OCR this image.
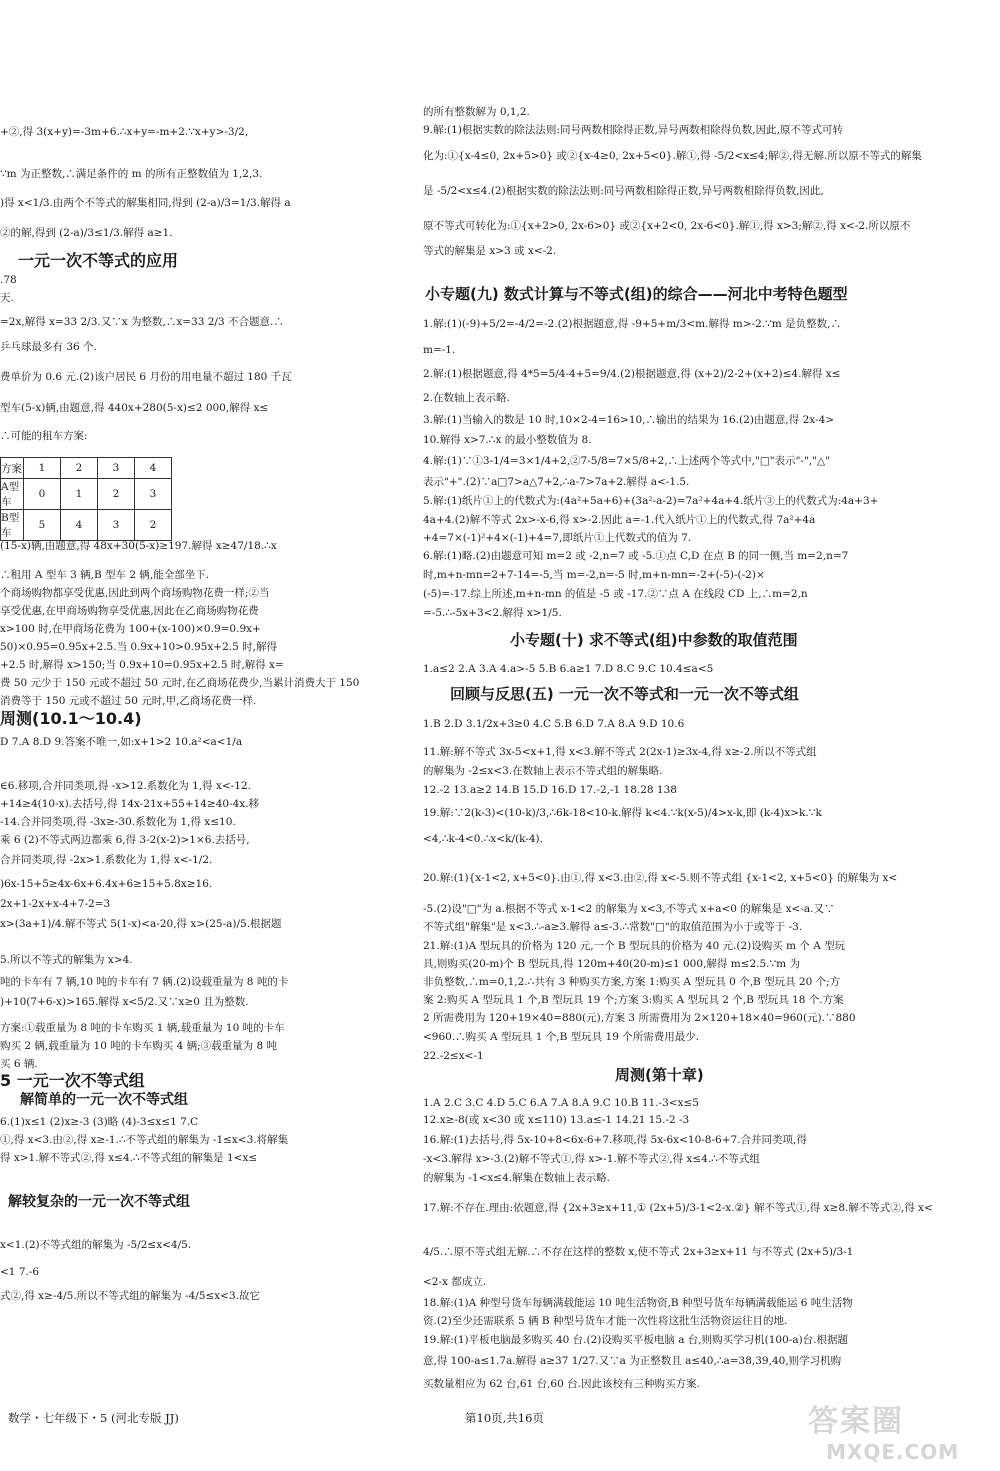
+②,得 3(x+y)=-3m+6.∴x+y=-m+2.∵x+y>-3/2,
∵m 为正整数,∴满足条件的 m 的所有正整数值为 1,2,3.
)得 x<1/3.由两个不等式的解集相同,得到 (2-a)/3=1/3.解得 a
②的解,得到 (2-a)/3≤1/3.解得 a≥1.
.78
天.
=2x,解得 x=33 2/3.又∵x 为整数,∴x=33 2/3 不合题意.∴
乒乓球最多有 36 个.
费单价为 0.6 元.(2)该户居民 6 月份的用电量不超过 180 千瓦
型车(5-x)辆,由题意,得 440x+280(5-x)≤2 000,解得 x≤
∴可能的租车方案:
(15-x)辆,由题意,得 48x+30(5-x)≥197.解得 x≥47/18.∴x
∴租用 A 型车 3 辆,B 型车 2 辆,能全部坐下.
个商场购物都享受优惠,因此到两个商场购物花费一样;②当
享受优惠,在甲商场购物享受优惠,因此在乙商场购物花费
x>100 时,在甲商场花费为 100+(x-100)×0.9=0.9x+
50)×0.95=0.95x+2.5.当 0.9x+10>0.95x+2.5 时,解得
+2.5 时,解得 x>150;当 0.9x+10=0.95x+2.5 时,解得 x=
费 50 元少于 150 元或不超过 50 元时,在乙商场花费少,当累计消费大于 150
消费等于 150 元或不超过 50 元时,甲,乙商场花费一样.
D 7.A 8.D 9.答案不唯一,如:x+1>2 10.a²<a<1/a
∈6.移项,合并同类项,得 -x>12.系数化为 1,得 x<-12.
+14≥4(10-x).去括号,得 14x-21x+55+14≥40-4x.移
-14.合并同类项,得 -3x≥-30.系数化为 1,得 x≤10.
乘 6 (2)不等式两边都乘 6,得 3-2(x-2)>1×6.去括号,
合并同类项,得 -2x>1.系数化为 1,得 x<-1/2.
)6x-15+5≥4x-6x+6.4x+6≥15+5.8x≥16.
2x+1-2x+x-4+7-2=3
x>(3a+1)/4.解不等式 5(1-x)<a-20,得 x>(25-a)/5.根据题
5.所以不等式的解集为 x>4.
吨的卡车有 7 辆,10 吨的卡车有 7 辆.(2)设载重量为 8 吨的卡
)+10(7+6-x)>165.解得 x<5/2.又∵x≥0 且为整数.
方案:①载重量为 8 吨的卡车购买 1 辆,载重量为 10 吨的卡车
购买 2 辆,载重量为 10 吨的卡车购买 4 辆;③载重量为 8 吨
买 6 辆.
6.(1)x≤1 (2)x≥-3 (3)略 (4)-3≤x≤1 7.C
①,得 x<3.由②,得 x≥-1.∴不等式组的解集为 -1≤x<3.将解集
得 x>1.解不等式②,得 x≤4.∴不等式组的解集是 1<x≤
x<1.(2)不等式组的解集为 -5/2≤x<4/5.
<1 7.-6
式②,得 x≥-4/5.所以不等式组的解集为 -4/5≤x<3.故它
一元一次不等式的应用
周测(10.1～10.4)
5 一元一次不等式组
解简单的一元一次不等式组
解较复杂的一元一次不等式组
方案	1	2	3	4
A型车	0	1	2	3
B型车	5	4	3	2
的所有整数解为 0,1,2.
9.解:(1)根据实数的除法法则:同号两数相除得正数,异号两数相除得负数,因此,原不等式可转
化为:①{x-4≤0, 2x+5>0} 或②{x-4≥0, 2x+5<0}.解①,得 -5/2<x≤4;解②,得无解.所以原不等式的解集
是 -5/2<x≤4.(2)根据实数的除法法则:同号两数相除得正数,异号两数相除得负数,因此,
原不等式可转化为:①{x+2>0, 2x-6>0} 或②{x+2<0, 2x-6<0}.解①,得 x>3;解②,得 x<-2.所以原不
等式的解集是 x>3 或 x<-2.
1.解:(1)(-9)+5/2=-4/2=-2.(2)根据题意,得 -9+5+m/3<m.解得 m>-2.∵m 是负整数,∴
m=-1.
2.解:(1)根据题意,得 4*5=5/4-4+5=9/4.(2)根据题意,得 (x+2)/2-2+(x+2)≤4.解得 x≤
2.在数轴上表示略.
3.解:(1)当输入的数是 10 时,10×2-4=16>10,∴输出的结果为 16.(2)由题意,得 2x-4>
10.解得 x>7.∴x 的最小整数值为 8.
4.解:(1)∵①3-1/4=3×1/4+2,②7-5/8=7×5/8+2,∴上述两个等式中,"□"表示"-","△"
表示"+".(2)∵a□7>a△7+2,∴a-7>7a+2.解得 a<-1.5.
5.解:(1)纸片①上的代数式为:(4a²+5a+6)+(3a²-a-2)=7a²+4a+4.纸片③上的代数式为:4a+3+
4a+4.(2)解不等式 2x>-x-6,得 x>-2.因此 a=-1.代入纸片①上的代数式,得 7a²+4a
+4=7×(-1)²+4×(-1)+4=7,即纸片①上代数式的值为 7.
6.解:(1)略.(2)由题意可知 m=2 或 -2,n=7 或 -5.①点 C,D 在点 B 的同一侧,当 m=2,n=7
时,m+n-mn=2+7-14=-5,当 m=-2,n=-5 时,m+n-mn=-2+(-5)-(-2)×
(-5)=-17.综上所述,m+n-mn 的值是 -5 或 -17.②∵点 A 在线段 CD 上,∴m=2,n
=-5.∴-5x+3<2.解得 x>1/5.
1.a≤2 2.A 3.A 4.a>-5 5.B 6.a≥1 7.D 8.C 9.C 10.4≤a<5
1.B 2.D 3.1/2x+3≥0 4.C 5.B 6.D 7.A 8.A 9.D 10.6
11.解:解不等式 3x-5<x+1,得 x<3.解不等式 2(2x-1)≥3x-4,得 x≥-2.所以不等式组
的解集为 -2≤x<3.在数轴上表示不等式组的解集略.
12.-2 13.a≥2 14.B 15.D 16.D 17.-2,-1 18.28 138
19.解:∵2(k-3)<(10-k)/3,∴6k-18<10-k.解得 k<4.∵k(x-5)/4>x-k,即 (k-4)x>k.∵k
<4,∴k-4<0.∴x<k/(k-4).
20.解:(1){x-1<2, x+5<0}.由①,得 x<3.由②,得 x<-5.则不等式组 {x-1<2, x+5<0} 的解集为 x<
-5.(2)设"□"为 a.根据不等式 x-1<2 的解集为 x<3,不等式 x+a<0 的解集是 x<-a.又∵
不等式组"解集"是 x<3.∴-a≥3.解得 a≤-3.∴常数"□"的取值范围为小于或等于 -3.
21.解:(1)A 型玩具的价格为 120 元,一个 B 型玩具的价格为 40 元.(2)设购买 m 个 A 型玩
具,则购买(20-m)个 B 型玩具,得 120m+40(20-m)≤1 000,解得 m≤2.5.∵m 为
非负整数,∴m=0,1,2.∴共有 3 种购买方案,方案 1:购买 A 型玩具 0 个,B 型玩具 20 个;方
案 2:购买 A 型玩具 1 个,B 型玩具 19 个;方案 3:购买 A 型玩具 2 个,B 型玩具 18 个.方案
2 所需费用为 120+19×40=880(元),方案 3 所需费用为 2×120+18×40=960(元).∵880
<960.∴购买 A 型玩具 1 个,B 型玩具 19 个所需费用最少.
22.-2≤x<-1
1.A 2.C 3.C 4.D 5.C 6.A 7.A 8.A 9.C 10.B 11.-3<x≤5
12.x≥-8(或 x<30 或 x≤110) 13.a≤-1 14.21 15.-2 -3
16.解:(1)去括号,得 5x-10+8<6x-6+7.移项,得 5x-6x<10-8-6+7.合并同类项,得
-x<3.解得 x>-3.(2)解不等式①,得 x>-1.解不等式②,得 x≤4.∴不等式组
的解集为 -1<x≤4.解集在数轴上表示略.
17.解:不存在.理由:依题意,得 {2x+3≥x+11,① (2x+5)/3-1<2-x.②} 解不等式①,得 x≥8.解不等式②,得 x<
4/5.∴原不等式组无解.∴不存在这样的整数 x,使不等式 2x+3≥x+11 与不等式 (2x+5)/3-1
<2-x 都成立.
18.解:(1)A 种型号货车每辆满载能运 10 吨生活物资,B 种型号货车每辆满载能运 6 吨生活物
资.(2)至少还需联系 5 辆 B 种型号货车才能一次性将这批生活物资运往目的地.
19.解:(1)平板电脑最多购买 40 台.(2)设购买平板电脑 a 台,则购买学习机(100-a)台.根据题
意,得 100-a≤1.7a.解得 a≥37 1/27.又∵a 为正整数且 a≤40,∴a=38,39,40,则学习机购
买数量相应为 62 台,61 台,60 台.因此该校有三种购买方案.
小专题(九) 数式计算与不等式(组)的综合——河北中考特色题型
小专题(十) 求不等式(组)中参数的取值范围
回顾与反思(五) 一元一次不等式和一元一次不等式组
周测(第十章)
数学・七年级下・5 (河北专版 JJ)	第10页,共16页	答案圈
MXQE.COM
